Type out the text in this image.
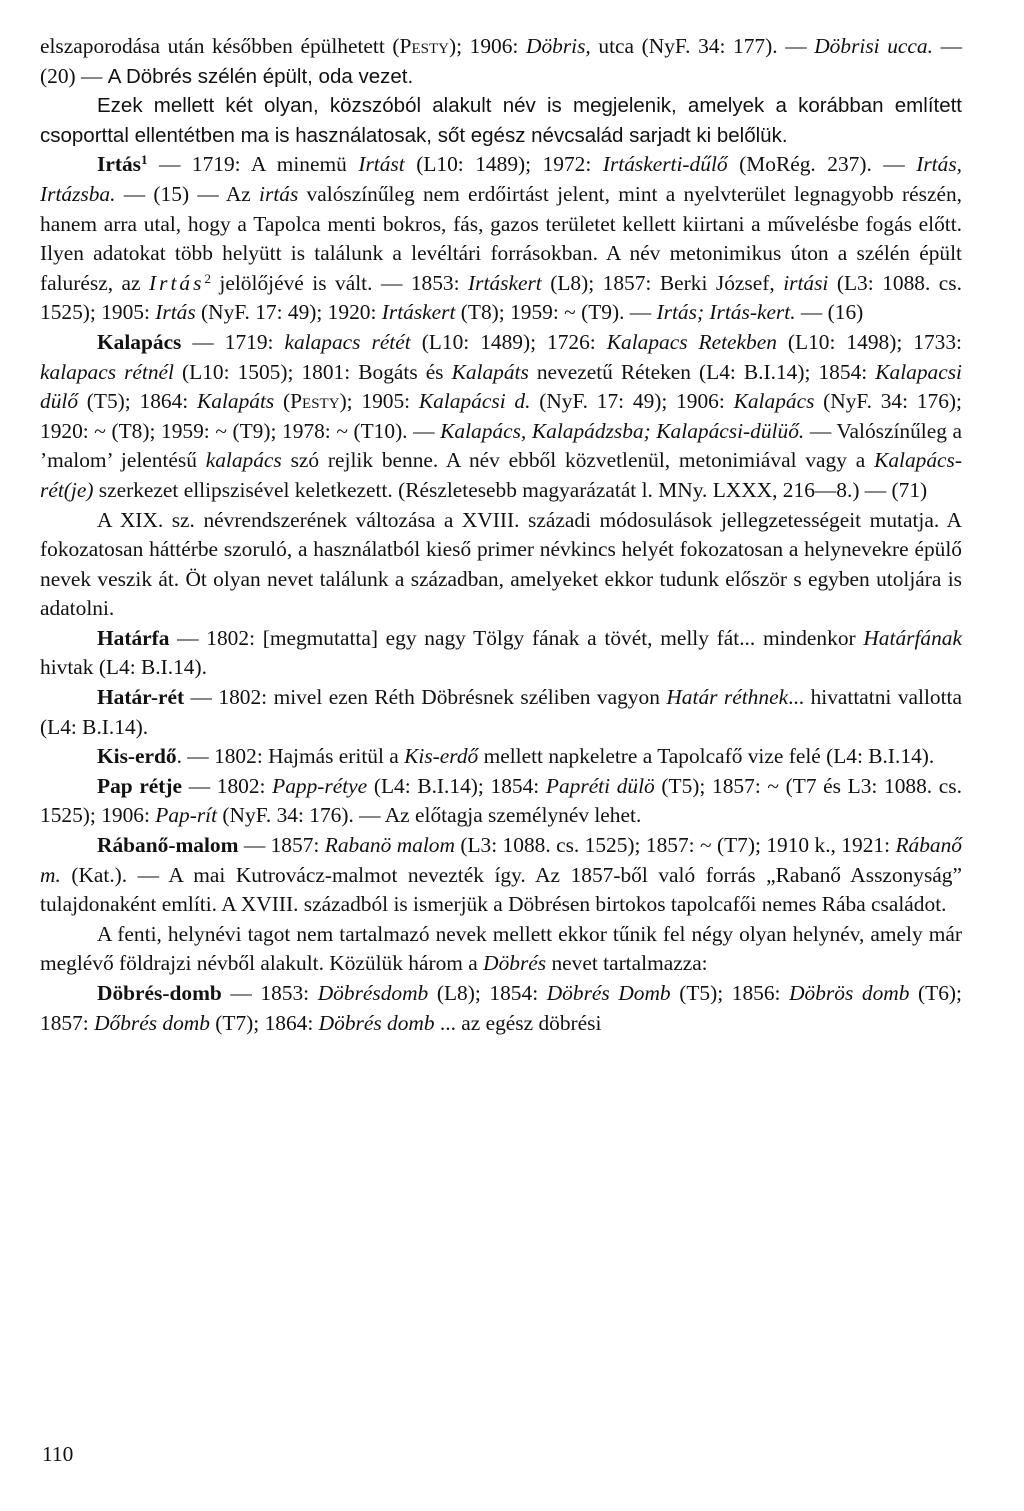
elszaporodása után későbben épülhetett (Pesty); 1906: Döbris, utca (NyF. 34: 177). — Döbrisi ucca. — (20) — A Döbrés szélén épült, oda vezet.

Ezek mellett két olyan, közszóból alakult név is megjelenik, amelyek a korábban említett csoporttal ellentétben ma is használatosak, sőt egész névcsalád sarjadt ki belőlük.

Irtás$^1$ — 1719: A minemü Irtást (L10: 1489); 1972: Irtáskerti-dűlő (MoRég. 237). — Irtás, Irtázsba. — (15) — Az irtás valószínűleg nem erdőirtást jelent, mint a nyelvterület legnagyobb részén, hanem arra utal, hogy a Tapolca menti bokros, fás, gazos területet kellett kiirtani a művelésbe fogás előtt. Ilyen adatokat több helyütt is találunk a levéltári forrásokban. A név metonimikus úton a szélén épült falurész, az Irtás$^2$ jelölőjévé is vált. — 1853: Irtáskert (L8); 1857: Berki József, irtási (L3: 1088. cs. 1525); 1905: Irtás (NyF. 17: 49); 1920: Irtáskert (T8); 1959: ~ (T9). — Irtás; Irtás-kert. — (16)

Kalapács — 1719: kalapacs rétét (L10: 1489); 1726: Kalapacs Retekben (L10: 1498); 1733: kalapacs rétnél (L10: 1505); 1801: Bogáts és Kalapáts nevezetű Réteken (L4: B.I.14); 1854: Kalapacsi dülő (T5); 1864: Kalapáts (Pesty); 1905: Kalapácsi d. (NyF. 17: 49); 1906: Kalapács (NyF. 34: 176); 1920: ~ (T8); 1959: ~ (T9); 1978: ~ (T10). — Kalapács, Kalapádzsba; Kalapácsi-dülüő. — Valószínűleg a ’malom’ jelentésű kalapács szó rejlik benne. A név ebből közvetlenül, metonimiával vagy a Kalapács-rét(je) szerkezet ellipszisével keletkezett. (Részletesebb magyarázatát l. MNy. LXXX, 216—8.) — (71)

A XIX. sz. névrendszerének változása a XVIII. századi módosulások jellegzetességeit mutatja. A fokozatosan háttérbe szoruló, a használatból kieső primer névkincs helyét fokozatosan a helynevekre épülő nevek veszik át. Öt olyan nevet találunk a században, amelyeket ekkor tudunk először s egyben utoljára is adatolni.

Határfa — 1802: [megmutatta] egy nagy Tölgy fának a tövét, melly fát... mindenkor Határfának hivtak (L4: B.I.14).

Határ-rét — 1802: mivel ezen Réth Döbrésnek széliben vagyon Határ réthnek... hivattatni vallotta (L4: B.I.14).

Kis-erdő. — 1802: Hajmás eritül a Kis-erdő mellett napkeletre a Tapolcafő vize felé (L4: B.I.14).

Pap rétje — 1802: Papp-rétye (L4: B.I.14); 1854: Papréti dülö (T5); 1857: ~ (T7 és L3: 1088. cs. 1525); 1906: Pap-rít (NyF. 34: 176). — Az előtagja személynév lehet.

Rábanő-malom — 1857: Rabanö malom (L3: 1088. cs. 1525); 1857: ~ (T7); 1910 k., 1921: Rábanő m. (Kat.). — A mai Kutrovácz-malmot nevezték így. Az 1857-ből való forrás „Rabanő Asszonyság” tulajdonaként említi. A XVIII. századból is ismerjük a Döbrésen birtokos tapolcafői nemes Rába családot.

A fenti, helynévi tagot nem tartalmazó nevek mellett ekkor tűnik fel négy olyan helynév, amely már meglévő földrajzi névből alakult. Közülük három a Döbrés nevet tartalmazza:

Döbrés-domb — 1853: Döbrésdomb (L8); 1854: Döbrés Domb (T5); 1856: Döbrös domb (T6); 1857: Dőbrés domb (T7); 1864: Döbrés domb ... az egész döbrési

110
